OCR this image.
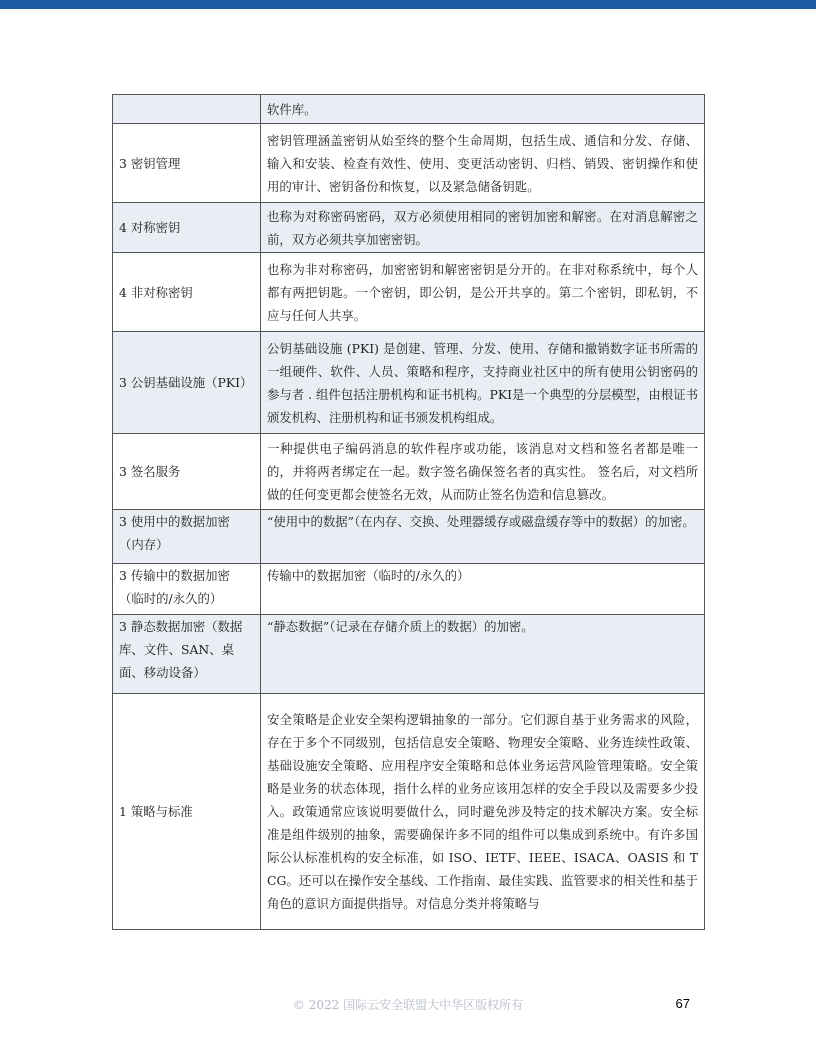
	软件库。
3 密钥管理	密钥管理涵盖密钥从始至终的整个生命周期，包括生成、通信和分发、存储、输入和安装、检查有效性、使用、变更活动密钥、归档、销毁、密钥操作和使用的审计、密钥备份和恢复，以及紧急储备钥匙。
4 对称密钥	也称为对称密码密码，双方必须使用相同的密钥加密和解密。在对消息解密之前，双方必须共享加密密钥。
4 非对称密钥	也称为非对称密码，加密密钥和解密密钥是分开的。在非对称系统中，每个人都有两把钥匙。一个密钥，即公钥，是公开共享的。第二个密钥，即私钥，不应与任何人共享。
3 公钥基础设施（PKI）	公钥基础设施 (PKI) 是创建、管理、分发、使用、存储和撤销数字证书所需的一组硬件、软件、人员、策略和程序，支持商业社区中的所有使用公钥密码的参与者 . 组件包括注册机构和证书机构。PKI是一个典型的分层模型，由根证书颁发机构、注册机构和证书颁发机构组成。
3 签名服务	一种提供电子编码消息的软件程序或功能，该消息对文档和签名者都是唯一的，并将两者绑定在一起。数字签名确保签名者的真实性。 签名后，对文档所做的任何变更都会使签名无效，从而防止签名伪造和信息篡改。
3 使用中的数据加密（内存）	“使用中的数据”（在内存、交换、处理器缓存或磁盘缓存等中的数据）的加密。
3 传输中的数据加密（临时的/永久的）	传输中的数据加密（临时的/永久的）
3 静态数据加密（数据库、文件、SAN、桌面、移动设备）	“静态数据”（记录在存储介质上的数据）的加密。
1 策略与标准	安全策略是企业安全架构逻辑抽象的一部分。它们源自基于业务需求的风险，存在于多个不同级别，包括信息安全策略、物理安全策略、业务连续性政策、基础设施安全策略、应用程序安全策略和总体业务运营风险管理策略。安全策略是业务的状态体现，指什么样的业务应该用怎样的安全手段以及需要多少投入。政策通常应该说明要做什么，同时避免涉及特定的技术解决方案。安全标准是组件级别的抽象，需要确保许多不同的组件可以集成到系统中。有许多国际公认标准机构的安全标准，如 ISO、IETF、IEEE、ISACA、OASIS 和 TCG。还可以在操作安全基线、工作指南、最佳实践、监管要求的相关性和基于角色的意识方面提供指导。对信息分类并将策略与
© 2022 国际云安全联盟大中华区版权所有	67
